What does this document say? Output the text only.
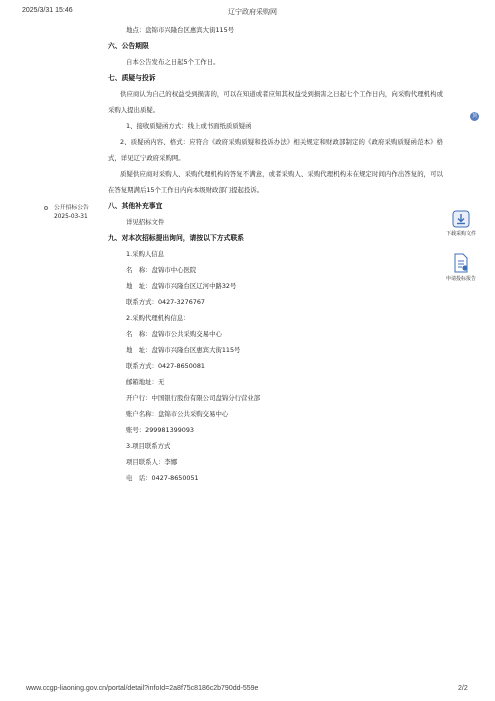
2025/3/31 15:46	辽宁政府采购网
公开招标公告
2025-03-31
顶
下载采购文件
申请投标报告
地点：盘锦市兴隆台区惠宾大街115号
六、公告期限
自本公告发布之日起5个工作日。
七、质疑与投诉
供应商认为自己的权益受到损害的，可以在知道或者应知其权益受到损害之日起七个工作日内，向采购代理机构或采购人提出质疑。
1、接收质疑函方式：线上或书面纸质质疑函
2、质疑函内容、格式：应符合《政府采购质疑和投诉办法》相关规定和财政部制定的《政府采购质疑函范本》格式，详见辽宁政府采购网。
质疑供应商对采购人、采购代理机构的答复不满意，或者采购人、采购代理机构未在规定时间内作出答复的，可以在答复期满后15个工作日内向本级财政部门提起投诉。
八、其他补充事宜
详见招标文件
九、对本次招标提出询问，请按以下方式联系
1.采购人信息
名　称：盘锦市中心医院
地　址：盘锦市兴隆台区辽河中路32号
联系方式：0427-3276767
2.采购代理机构信息：
名　称：盘锦市公共采购交易中心
地　址：盘锦市兴隆台区惠宾大街115号
联系方式：0427-8650081
邮箱地址：无
开户行：中国银行股份有限公司盘锦分行营业部
账户名称：盘锦市公共采购交易中心
账号：299981399093
3.项目联系方式
项目联系人：李娜
电　话：0427-8650051
www.ccgp-liaoning.gov.cn/portal/detail?infoId=2a8f75c8186c2b790dd-559e	2/2
